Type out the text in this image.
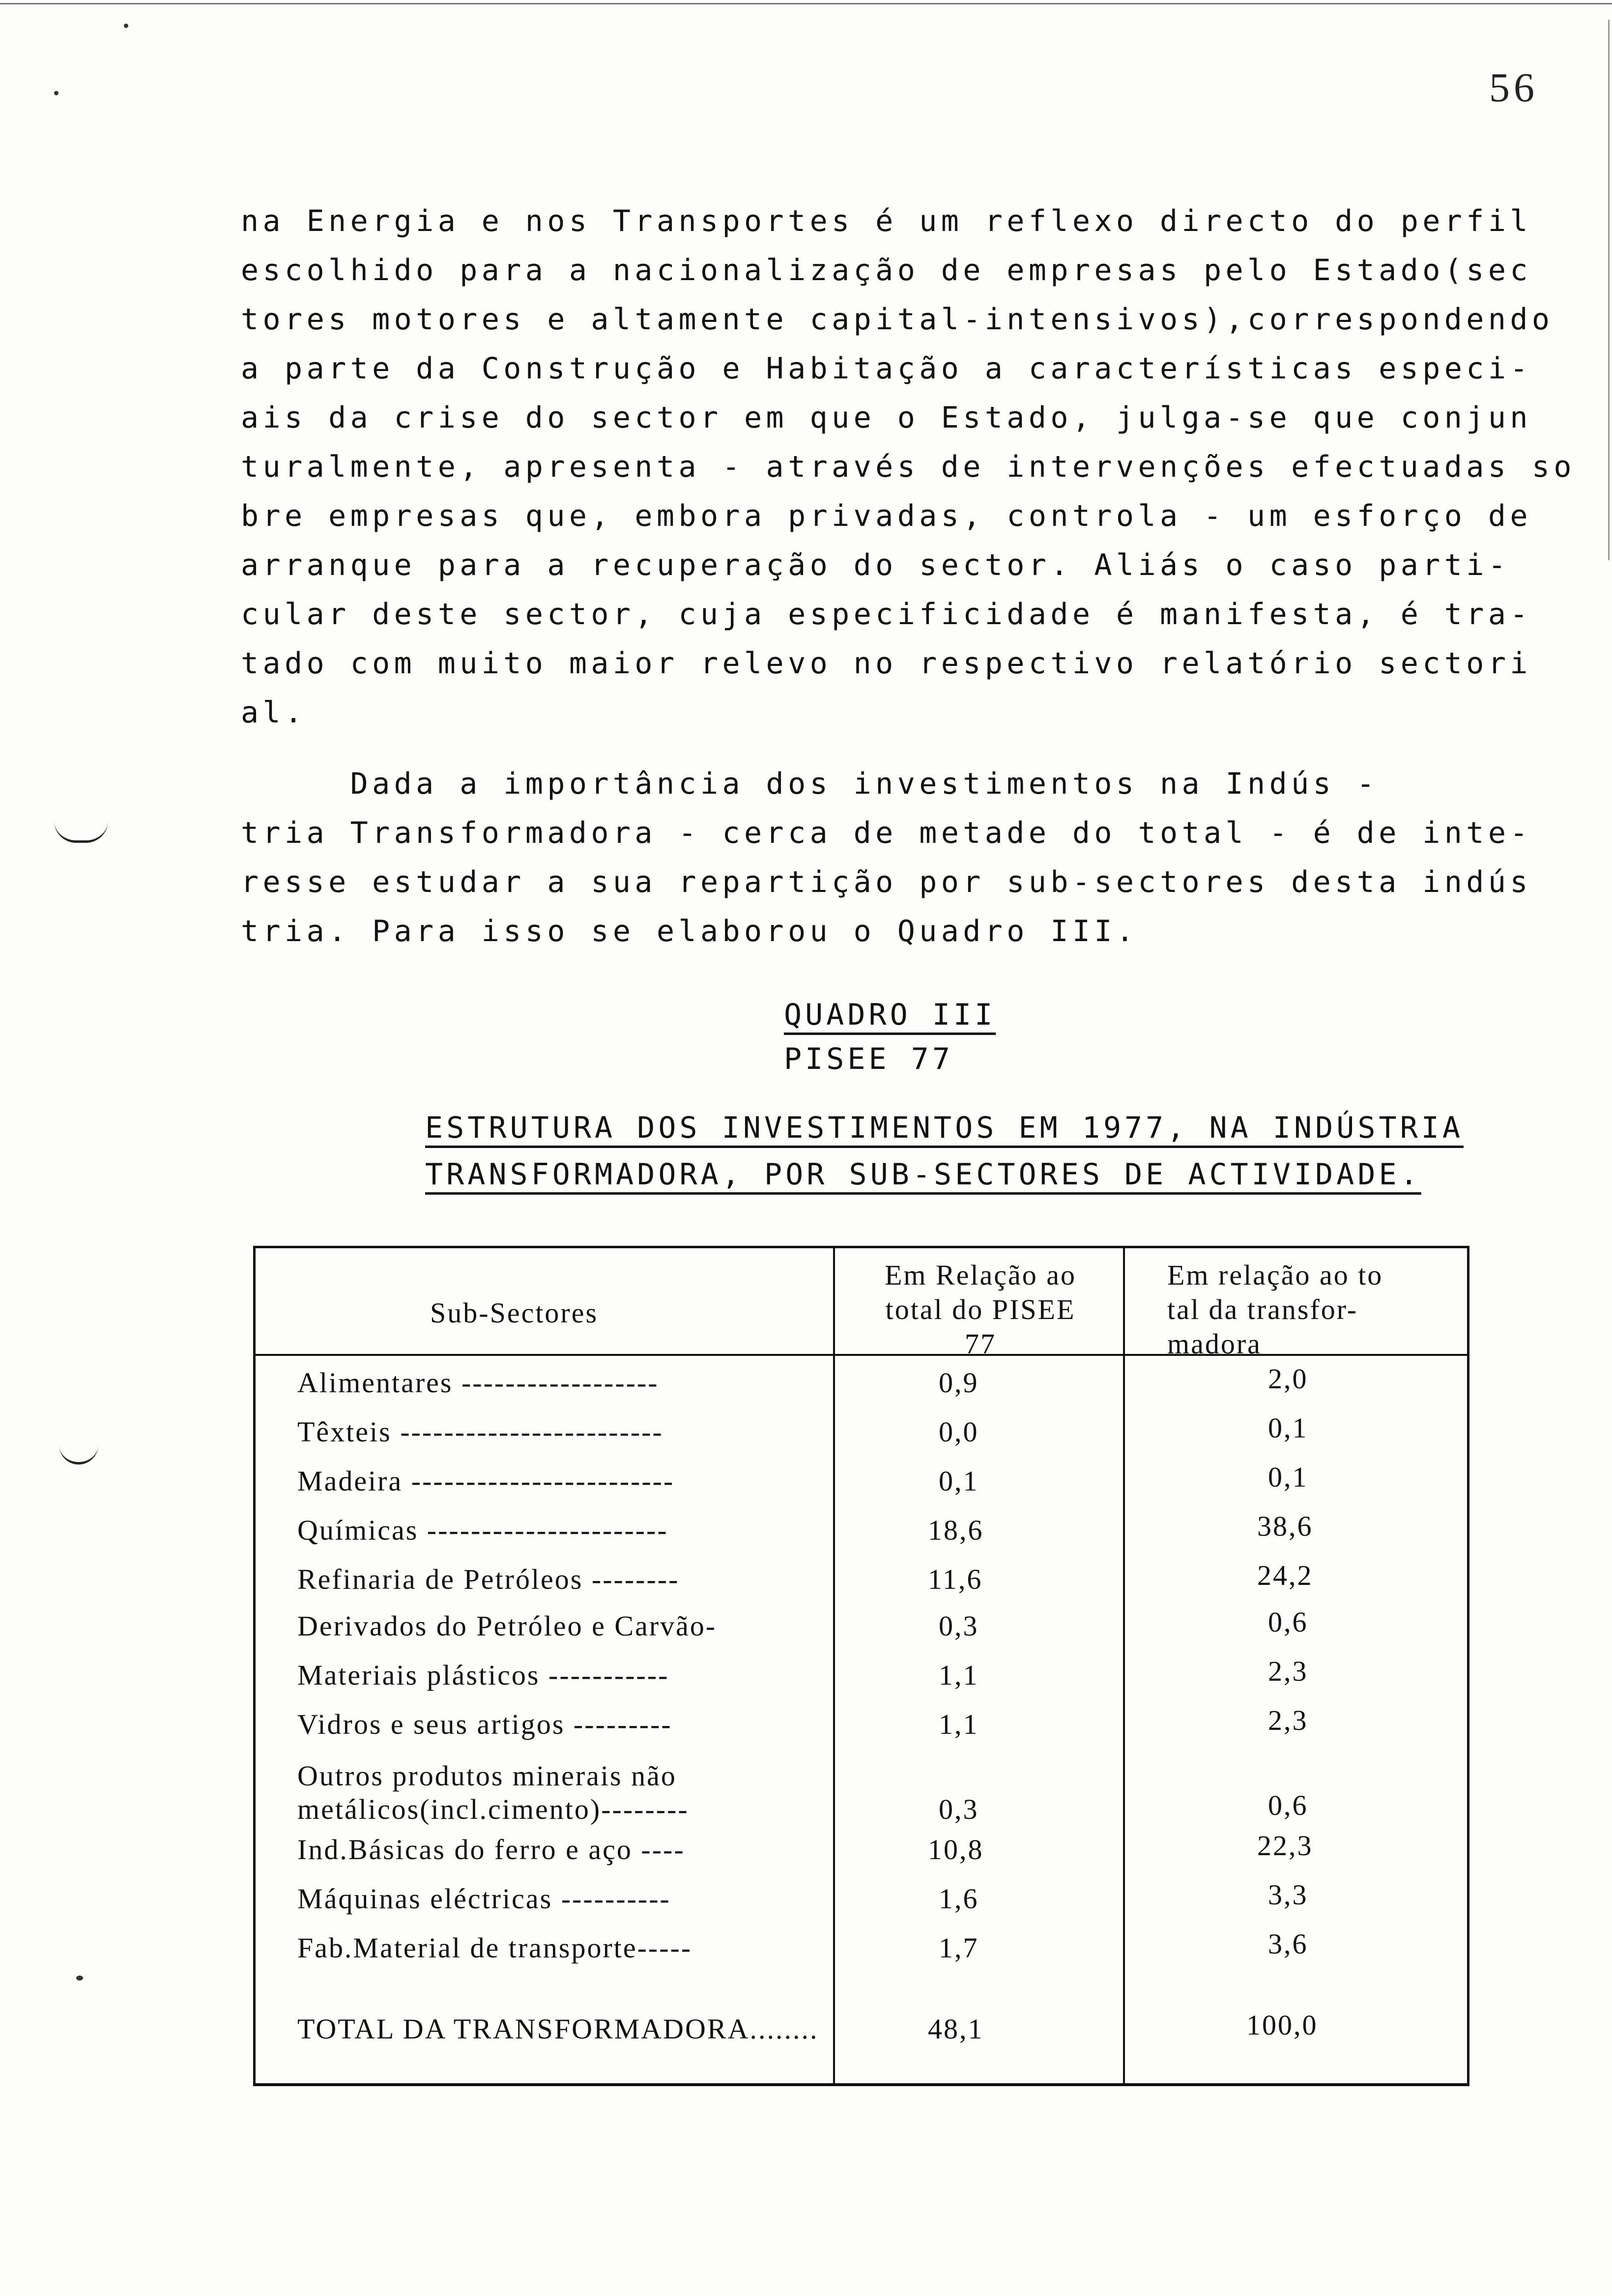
56
na Energia e nos Transportes é um reflexo directo do perfil
escolhido para a nacionalização de empresas pelo Estado(sec
tores motores e altamente capital-intensivos),correspondendo
a parte da Construção e Habitação a características especi-
ais da crise do sector em que o Estado, julga-se que conjun
turalmente, apresenta - através de intervenções efectuadas so
bre empresas que, embora privadas, controla - um esforço de
arranque para a recuperação do sector. Aliás o caso parti-
cular deste sector, cuja especificidade é manifesta, é tra-
tado com muito maior relevo no respectivo relatório sectori
al.
Dada a importância dos investimentos na Indús -
tria Transformadora - cerca de metade do total - é de inte-
resse estudar a sua repartição por sub-sectores desta indús
tria. Para isso se elaborou o Quadro III.
QUADRO III
PISEE 77
ESTRUTURA DOS INVESTIMENTOS EM 1977, NA INDÚSTRIA
TRANSFORMADORA, POR SUB-SECTORES DE ACTIVIDADE.
Sub-Sectores
Em Relação ao
total do PISEE
77
Em relação ao to
tal da transfor-
madora
Alimentares ------------------	0,9	2,0
Têxteis ------------------------	0,0	0,1
Madeira ------------------------	0,1	0,1
Químicas ----------------------	18,6	38,6
Refinaria de Petróleos --------	11,6	24,2
Derivados do Petróleo e Carvão-	0,3	0,6
Materiais plásticos -----------	1,1	2,3
Vidros e seus artigos ---------	1,1	2,3
Outros produtos minerais não
metálicos(incl.cimento)--------	0,3	0,6
Ind.Básicas do ferro e aço ----	10,8	22,3
Máquinas eléctricas ----------	1,6	3,3
Fab.Material de transporte-----	1,7	3,6
TOTAL DA TRANSFORMADORA........	48,1	100,0
